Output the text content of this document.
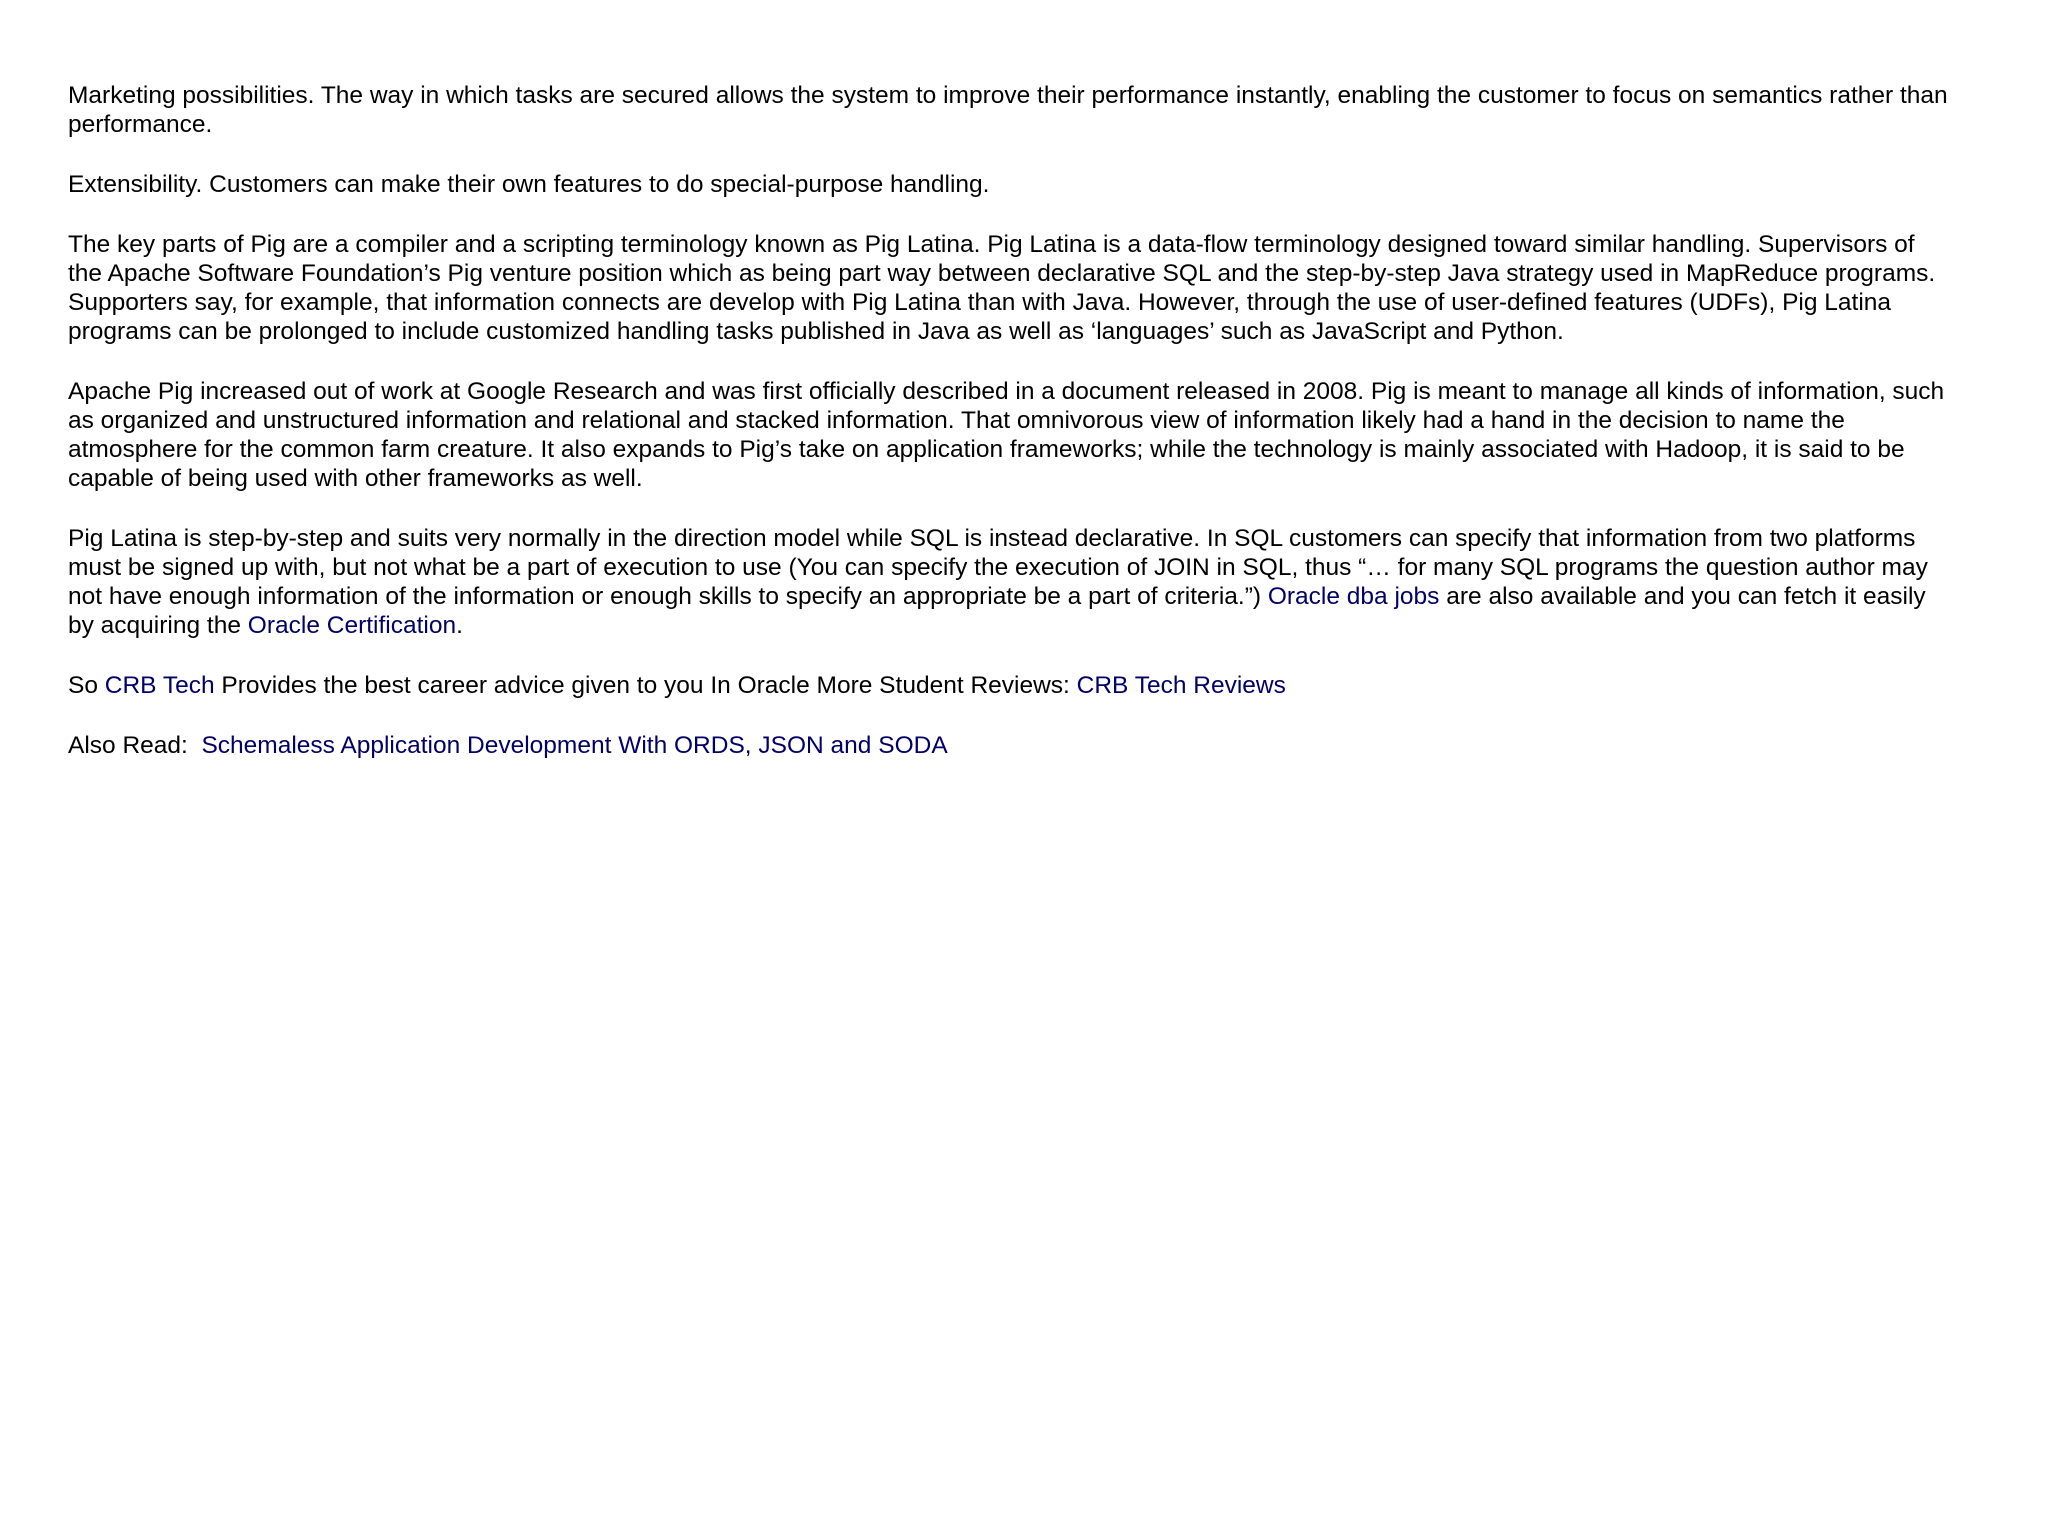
Marketing possibilities. The way in which tasks are secured allows the system to improve their performance instantly, enabling the customer to focus on semantics rather than performance.

Extensibility. Customers can make their own features to do special-purpose handling.

The key parts of Pig are a compiler and a scripting terminology known as Pig Latina. Pig Latina is a data-flow terminology designed toward similar handling. Supervisors of the Apache Software Foundation’s Pig venture position which as being part way between declarative SQL and the step-by-step Java strategy used in MapReduce programs. Supporters say, for example, that information connects are develop with Pig Latina than with Java. However, through the use of user-defined features (UDFs), Pig Latina programs can be prolonged to include customized handling tasks published in Java as well as ‘languages’ such as JavaScript and Python.

Apache Pig increased out of work at Google Research and was first officially described in a document released in 2008. Pig is meant to manage all kinds of information, such as organized and unstructured information and relational and stacked information. That omnivorous view of information likely had a hand in the decision to name the atmosphere for the common farm creature. It also expands to Pig’s take on application frameworks; while the technology is mainly associated with Hadoop, it is said to be capable of being used with other frameworks as well.

Pig Latina is step-by-step and suits very normally in the direction model while SQL is instead declarative. In SQL customers can specify that information from two platforms must be signed up with, but not what be a part of execution to use (You can specify the execution of JOIN in SQL, thus “… for many SQL programs the question author may not have enough information of the information or enough skills to specify an appropriate be a part of criteria.”) Oracle dba jobs are also available and you can fetch it easily by acquiring the Oracle Certification.

So CRB Tech Provides the best career advice given to you In Oracle More Student Reviews: CRB Tech Reviews

Also Read:  Schemaless Application Development With ORDS, JSON and SODA
